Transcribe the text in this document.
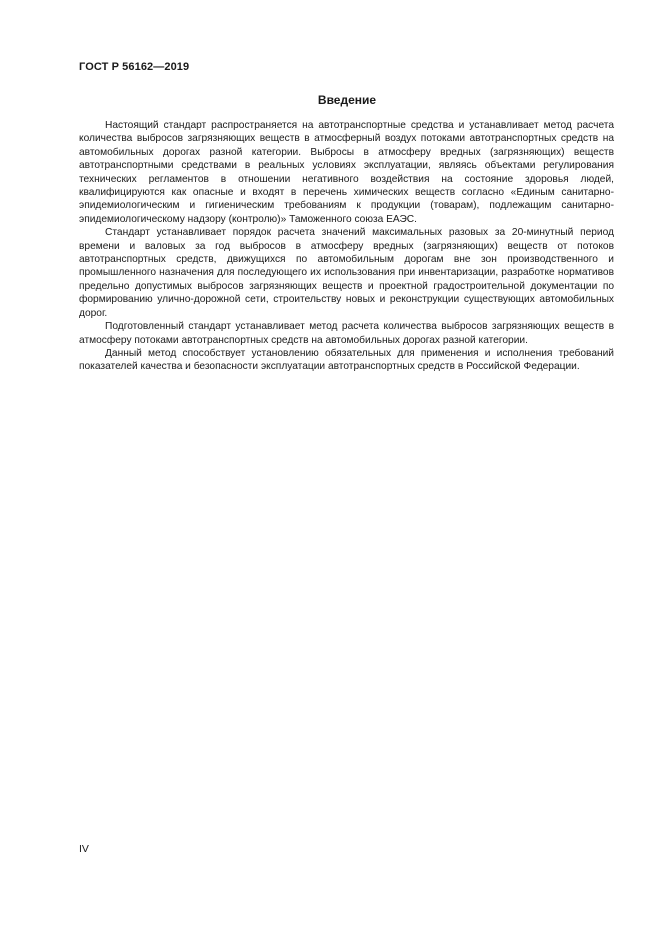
ГОСТ Р 56162—2019
Введение

Настоящий стандарт распространяется на автотранспортные средства и устанавливает метод расчета количества выбросов загрязняющих веществ в атмосферный воздух потоками автотранспортных средств на автомобильных дорогах разной категории. Выбросы в атмосферу вредных (загрязняющих) веществ автотранспортными средствами в реальных условиях эксплуатации, являясь объектами регулирования технических регламентов в отношении негативного воздействия на состояние здоровья людей, квалифицируются как опасные и входят в перечень химических веществ согласно «Единым санитарно-эпидемиологическим и гигиеническим требованиям к продукции (товарам), подлежащим санитарно-эпидемиологическому надзору (контролю)» Таможенного союза ЕАЭС.

Стандарт устанавливает порядок расчета значений максимальных разовых за 20-минутный период времени и валовых за год выбросов в атмосферу вредных (загрязняющих) веществ от потоков автотранспортных средств, движущихся по автомобильным дорогам вне зон производственного и промышленного назначения для последующего их использования при инвентаризации, разработке нормативов предельно допустимых выбросов загрязняющих веществ и проектной градостроительной документации по формированию улично-дорожной сети, строительству новых и реконструкции существующих автомобильных дорог.

Подготовленный стандарт устанавливает метод расчета количества выбросов загрязняющих веществ в атмосферу потоками автотранспортных средств на автомобильных дорогах разной категории.

Данный метод способствует установлению обязательных для применения и исполнения требований показателей качества и безопасности эксплуатации автотранспортных средств в Российской Федерации.

IV
